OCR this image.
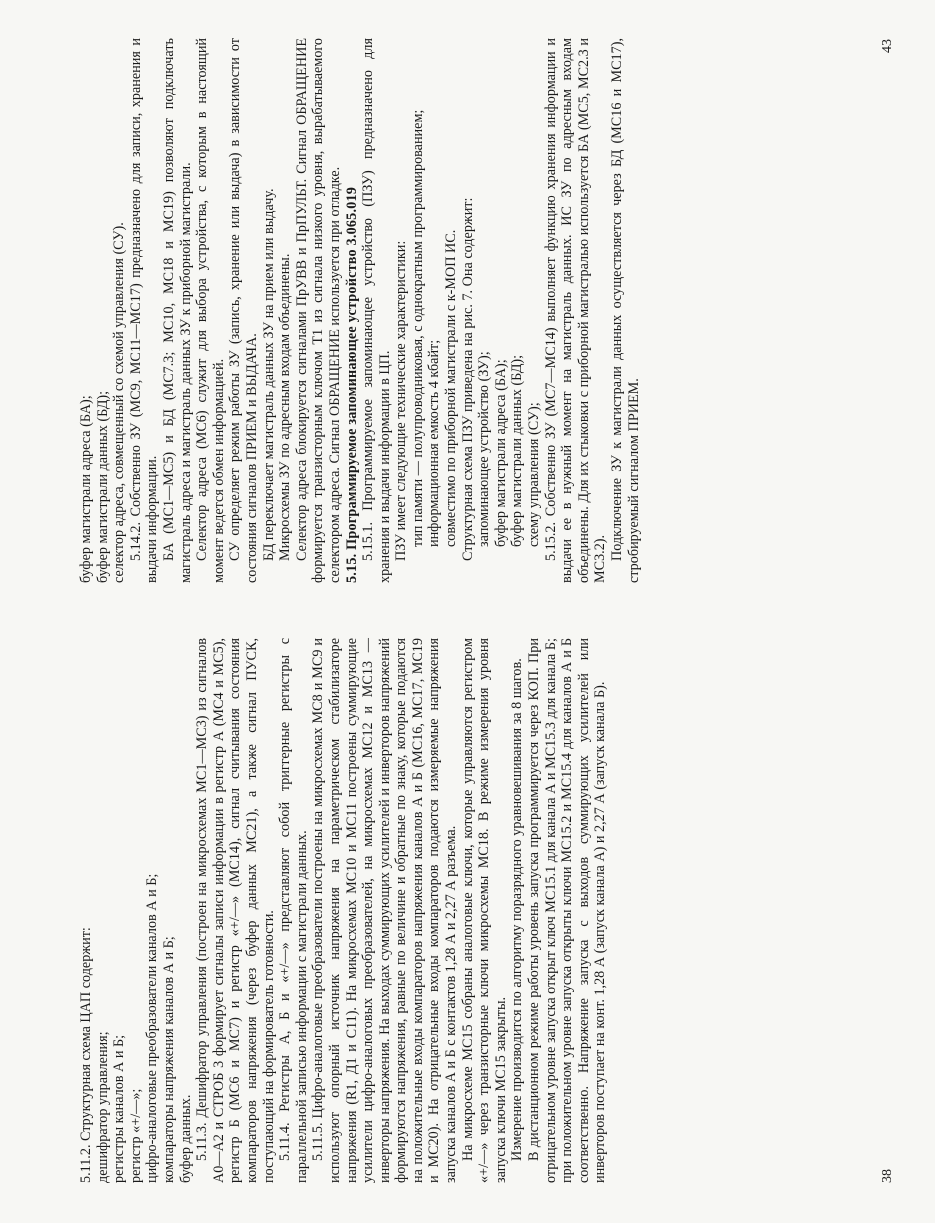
5.11.2. Структурная схема ЦАП содержит: дешифратор управления; регистры каналов А и Б; регистр «+/—»; цифро-аналоговые преобразователи каналов А и Б; компараторы напряжения каналов А и Б; буфер данных. 5.11.3. Дешифратор управления (построен на микросхемах МС1—МС3) из сигналов А0—А2 и СТРОБ 3 формирует сигналы записи информации в регистр А (МС4 и МС5), регистр Б (МС6 и МС7) и регистр «+/—» (МС14), сигнал считывания состояния компараторов напряжения (через буфер данных МС21), а также сигнал ПУСК, поступающий на формирователь готовности. 5.11.4. Регистры А, Б и «+/—» представляют собой триггерные регистры с параллельной записью информации с магистрали данных. 5.11.5. Цифро-аналоговые преобразователи построены на микросхемах МС8 и МС9 и используют опорный источник напряжения на параметрическом стабилизаторе напряжения (R1, Д1 и С11). На микросхемах МС10 и МС11 построены суммирующие усилители цифро-аналоговых преобразователей, на микросхемах МС12 и МС13 — инверторы напряжения. На выходах суммирующих усилителей и инверторов напряжений формируются напряжения, равные по величине и обратные по знаку, которые подаются на положительные входы компараторов напряжения каналов А и Б (МС16, МС17, МС19 и МС20). На отрицательные входы компараторов подаются измеряемые напряжения запуска каналов А и Б с контактов 1,28 А и 2,27 А разъема. На микросхеме МС15 собраны аналоговые ключи, которые управляются регистром «+/—» через транзисторные ключи микросхемы МС18. В режиме измерения уровня запуска ключи МС15 закрыты. Измерение производится по алгоритму поразрядного уравновешивания за 8 шагов. В дистанционном режиме работы уровень запуска программируется через КОП. При отрицательном уровне запуска открыт ключ МС15.1 для канала А и МС15.3 для канала Б; при положительном уровне запуска открыты ключи МС15.2 и МС15.4 для каналов А и Б соответственно. Напряжение запуска с выходов суммирующих усилителей или инверторов поступает на конт. 1,28 А (запуск канала А) и 2,27 А (запуск канала Б).	38

буфер магистрали адреса (БА); буфер магистрали данных (БД); селектор адреса, совмещенный со схемой управления (СУ). 5.14.2. Собственно ЗУ (МС9, МС11—МС17) предназначено для записи, хранения и выдачи информации. БА (МС1—МС5) и БД (МС7.3; МС10, МС18 и МС19) позволяют подключать магистраль адреса и магистраль данных ЗУ к приборной магистрали. Селектор адреса (МС6) служит для выбора устройства, с которым в настоящий момент ведется обмен информацией. СУ определяет режим работы ЗУ (запись, хранение или выдача) в зависимости от состояния сигналов ПРИЕМ и ВЫДАЧА. БД переключает магистраль данных ЗУ на прием или выдачу. Микросхемы ЗУ по адресным входам объединены. Селектор адреса блокируется сигналами ПрУВВ и ПрПУЛЬТ. Сигнал ОБРАЩЕНИЕ формируется транзисторным ключом Т1 из сигнала низкого уровня, вырабатываемого селектором адреса. Сигнал ОБРАЩЕНИЕ используется при отладке. 5.15. Программируемое запоминающее устройство 3.065.019 5.15.1. Программируемое запоминающее устройство (ПЗУ) предназначено для хранения и выдачи информации в ЦП. ПЗУ имеет следующие технические характеристики: тип памяти — полупроводниковая, с однократным программированием; информационная емкость 4 кбайт; совместимо по приборной магистрали с к-МОП ИС. Структурная схема ПЗУ приведена на рис. 7. Она содержит: запоминающее устройство (ЗУ); буфер магистрали адреса (БА); буфер магистрали данных (БД); схему управления (СУ); 5.15.2. Собственно ЗУ (МС7—МС14) выполняет функцию хранения информации и выдачи ее в нужный момент на магистраль данных. ИС ЗУ по адресным входам объединены. Для их стыковки с приборной магистралью используется БА (МС5, МС2.3 и МС3.2). Подключение ЗУ к магистрали данных осуществляется через БД (МС16 и МС17), стробируемый сигналом ПРИЕМ.

43
